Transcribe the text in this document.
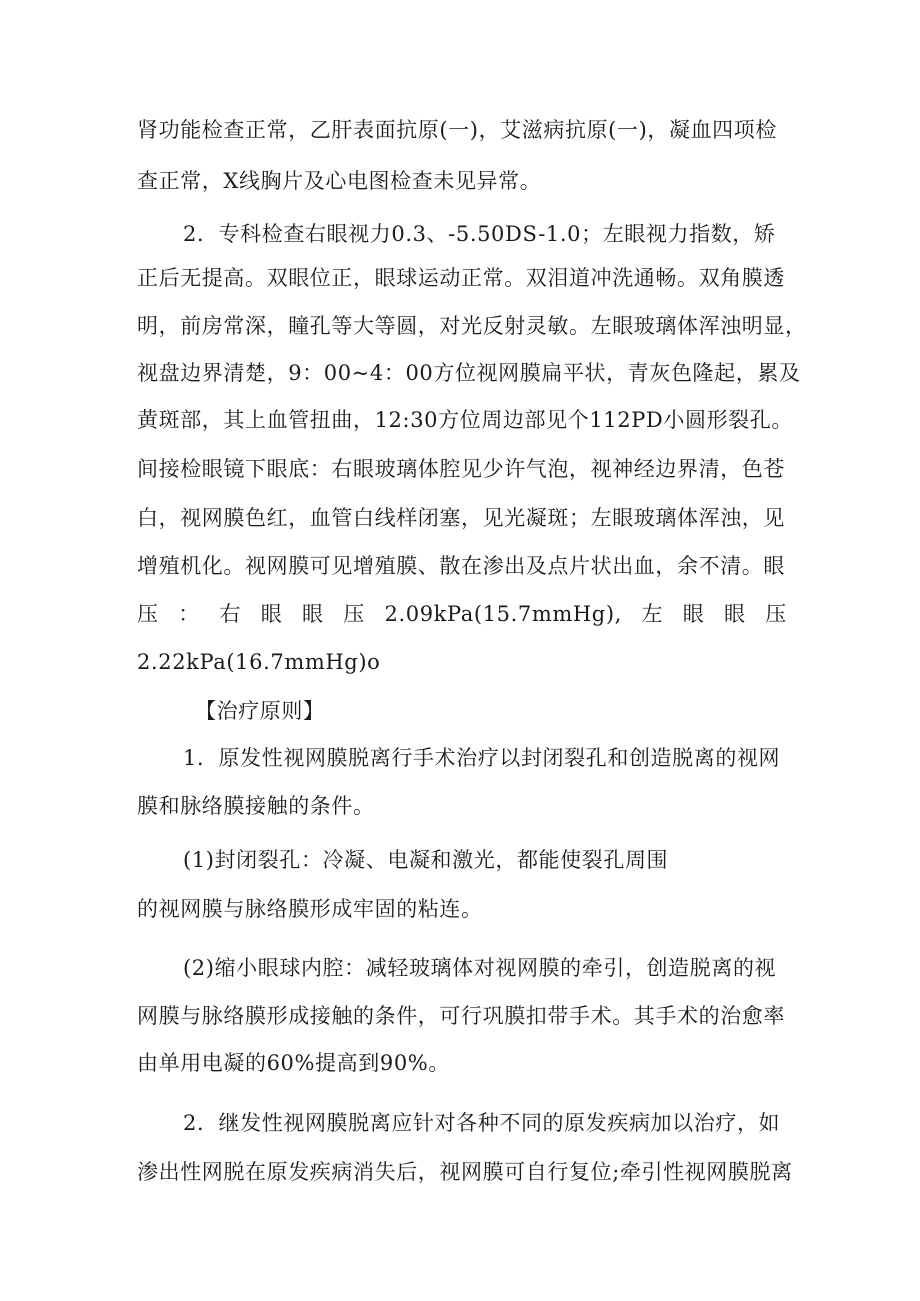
肾功能检查正常，乙肝表面抗原(一)，艾滋病抗原(一)，凝血四项检
查正常，X线胸片及心电图检查未见异常。
2．专科检查右眼视力0.3、-5.50DS-1.0；左眼视力指数，矫
正后无提高。双眼位正，眼球运动正常。双泪道冲洗通畅。双角膜透
明，前房常深，瞳孔等大等圆，对光反射灵敏。左眼玻璃体浑浊明显，
视盘边界清楚，9：00~4：00方位视网膜扁平状，青灰色隆起，累及
黄斑部，其上血管扭曲，12:30方位周边部见个112PD小圆形裂孔。
间接检眼镜下眼底：右眼玻璃体腔见少许气泡，视神经边界清，色苍
白，视网膜色红，血管白线样闭塞，见光凝斑；左眼玻璃体浑浊，见
增殖机化。视网膜可见增殖膜、散在渗出及点片状出血，余不清。眼
压 ： 右 眼 眼 压 2.09kPa(15.7mmHg), 左 眼 眼 压
2.22kPa(16.7mmHg)o
【治疗原则】
1．原发性视网膜脱离行手术治疗以封闭裂孔和创造脱离的视网
膜和脉络膜接触的条件。
(1)封闭裂孔：冷凝、电凝和激光，都能使裂孔周围
的视网膜与脉络膜形成牢固的粘连。
(2)缩小眼球内腔：减轻玻璃体对视网膜的牵引，创造脱离的视
网膜与脉络膜形成接触的条件，可行巩膜扣带手术。其手术的治愈率
由单用电凝的60%提高到90%。
2．继发性视网膜脱离应针对各种不同的原发疾病加以治疗，如
渗出性网脱在原发疾病消失后，视网膜可自行复位;牵引性视网膜脱离
